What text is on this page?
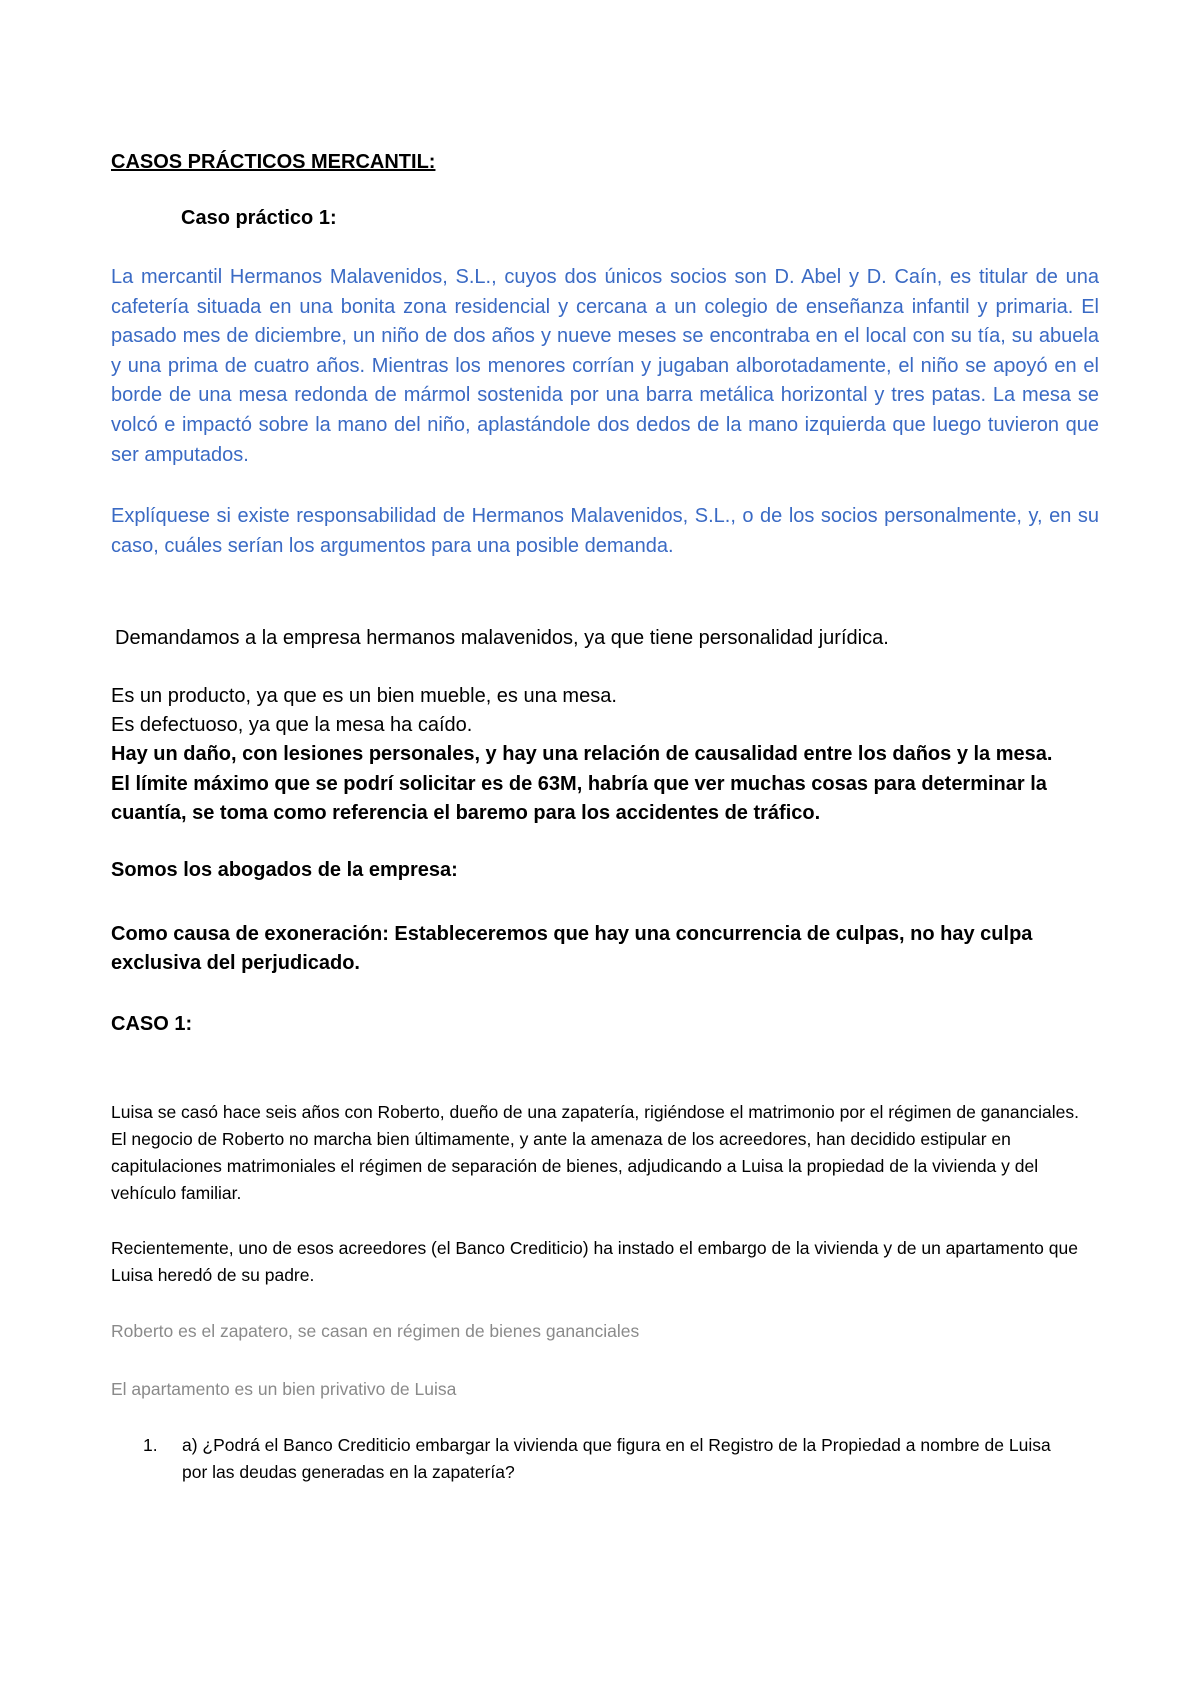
CASOS PRÁCTICOS MERCANTIL:
Caso práctico 1:

La mercantil Hermanos Malavenidos, S.L., cuyos dos únicos socios son D. Abel y D. Caín, es titular de una cafetería situada en una bonita zona residencial y cercana a un colegio de enseñanza infantil y primaria. El pasado mes de diciembre, un niño de dos años y nueve meses se encontraba en el local con su tía, su abuela y una prima de cuatro años. Mientras los menores corrían y jugaban alborotadamente, el niño se apoyó en el borde de una mesa redonda de mármol sostenida por una barra metálica horizontal y tres patas. La mesa se volcó e impactó sobre la mano del niño, aplastándole dos dedos de la mano izquierda que luego tuvieron que ser amputados.

Explíquese si existe responsabilidad de Hermanos Malavenidos, S.L., o de los socios personalmente, y, en su caso, cuáles serían los argumentos para una posible demanda.

Demandamos a la empresa hermanos malavenidos, ya que tiene personalidad jurídica.
Es un producto, ya que es un bien mueble, es una mesa.
Es defectuoso, ya que la mesa ha caído.
Hay un daño, con lesiones personales, y hay una relación de causalidad entre los daños y la mesa.
El límite máximo que se podrí solicitar es de 63M, habría que ver muchas cosas para determinar la cuantía, se toma como referencia el baremo para los accidentes de tráfico.
Somos los abogados de la empresa:
Como causa de exoneración: Estableceremos que hay una concurrencia de culpas, no hay culpa exclusiva del perjudicado.
CASO 1:

Luisa se casó hace seis años con Roberto, dueño de una zapatería, rigiéndose el matrimonio por el régimen de gananciales. El negocio de Roberto no marcha bien últimamente, y ante la amenaza de los acreedores, han decidido estipular en capitulaciones matrimoniales el régimen de separación de bienes, adjudicando a Luisa la propiedad de la vivienda y del vehículo familiar.

Recientemente, uno de esos acreedores (el Banco Crediticio) ha instado el embargo de la vivienda y de un apartamento que Luisa heredó de su padre.

Roberto es el zapatero, se casan en régimen de bienes gananciales
El apartamento es un bien privativo de Luisa
1.	a) ¿Podrá el Banco Crediticio embargar la vivienda que figura en el Registro de la Propiedad a nombre de Luisa por las deudas generadas en la zapatería?
